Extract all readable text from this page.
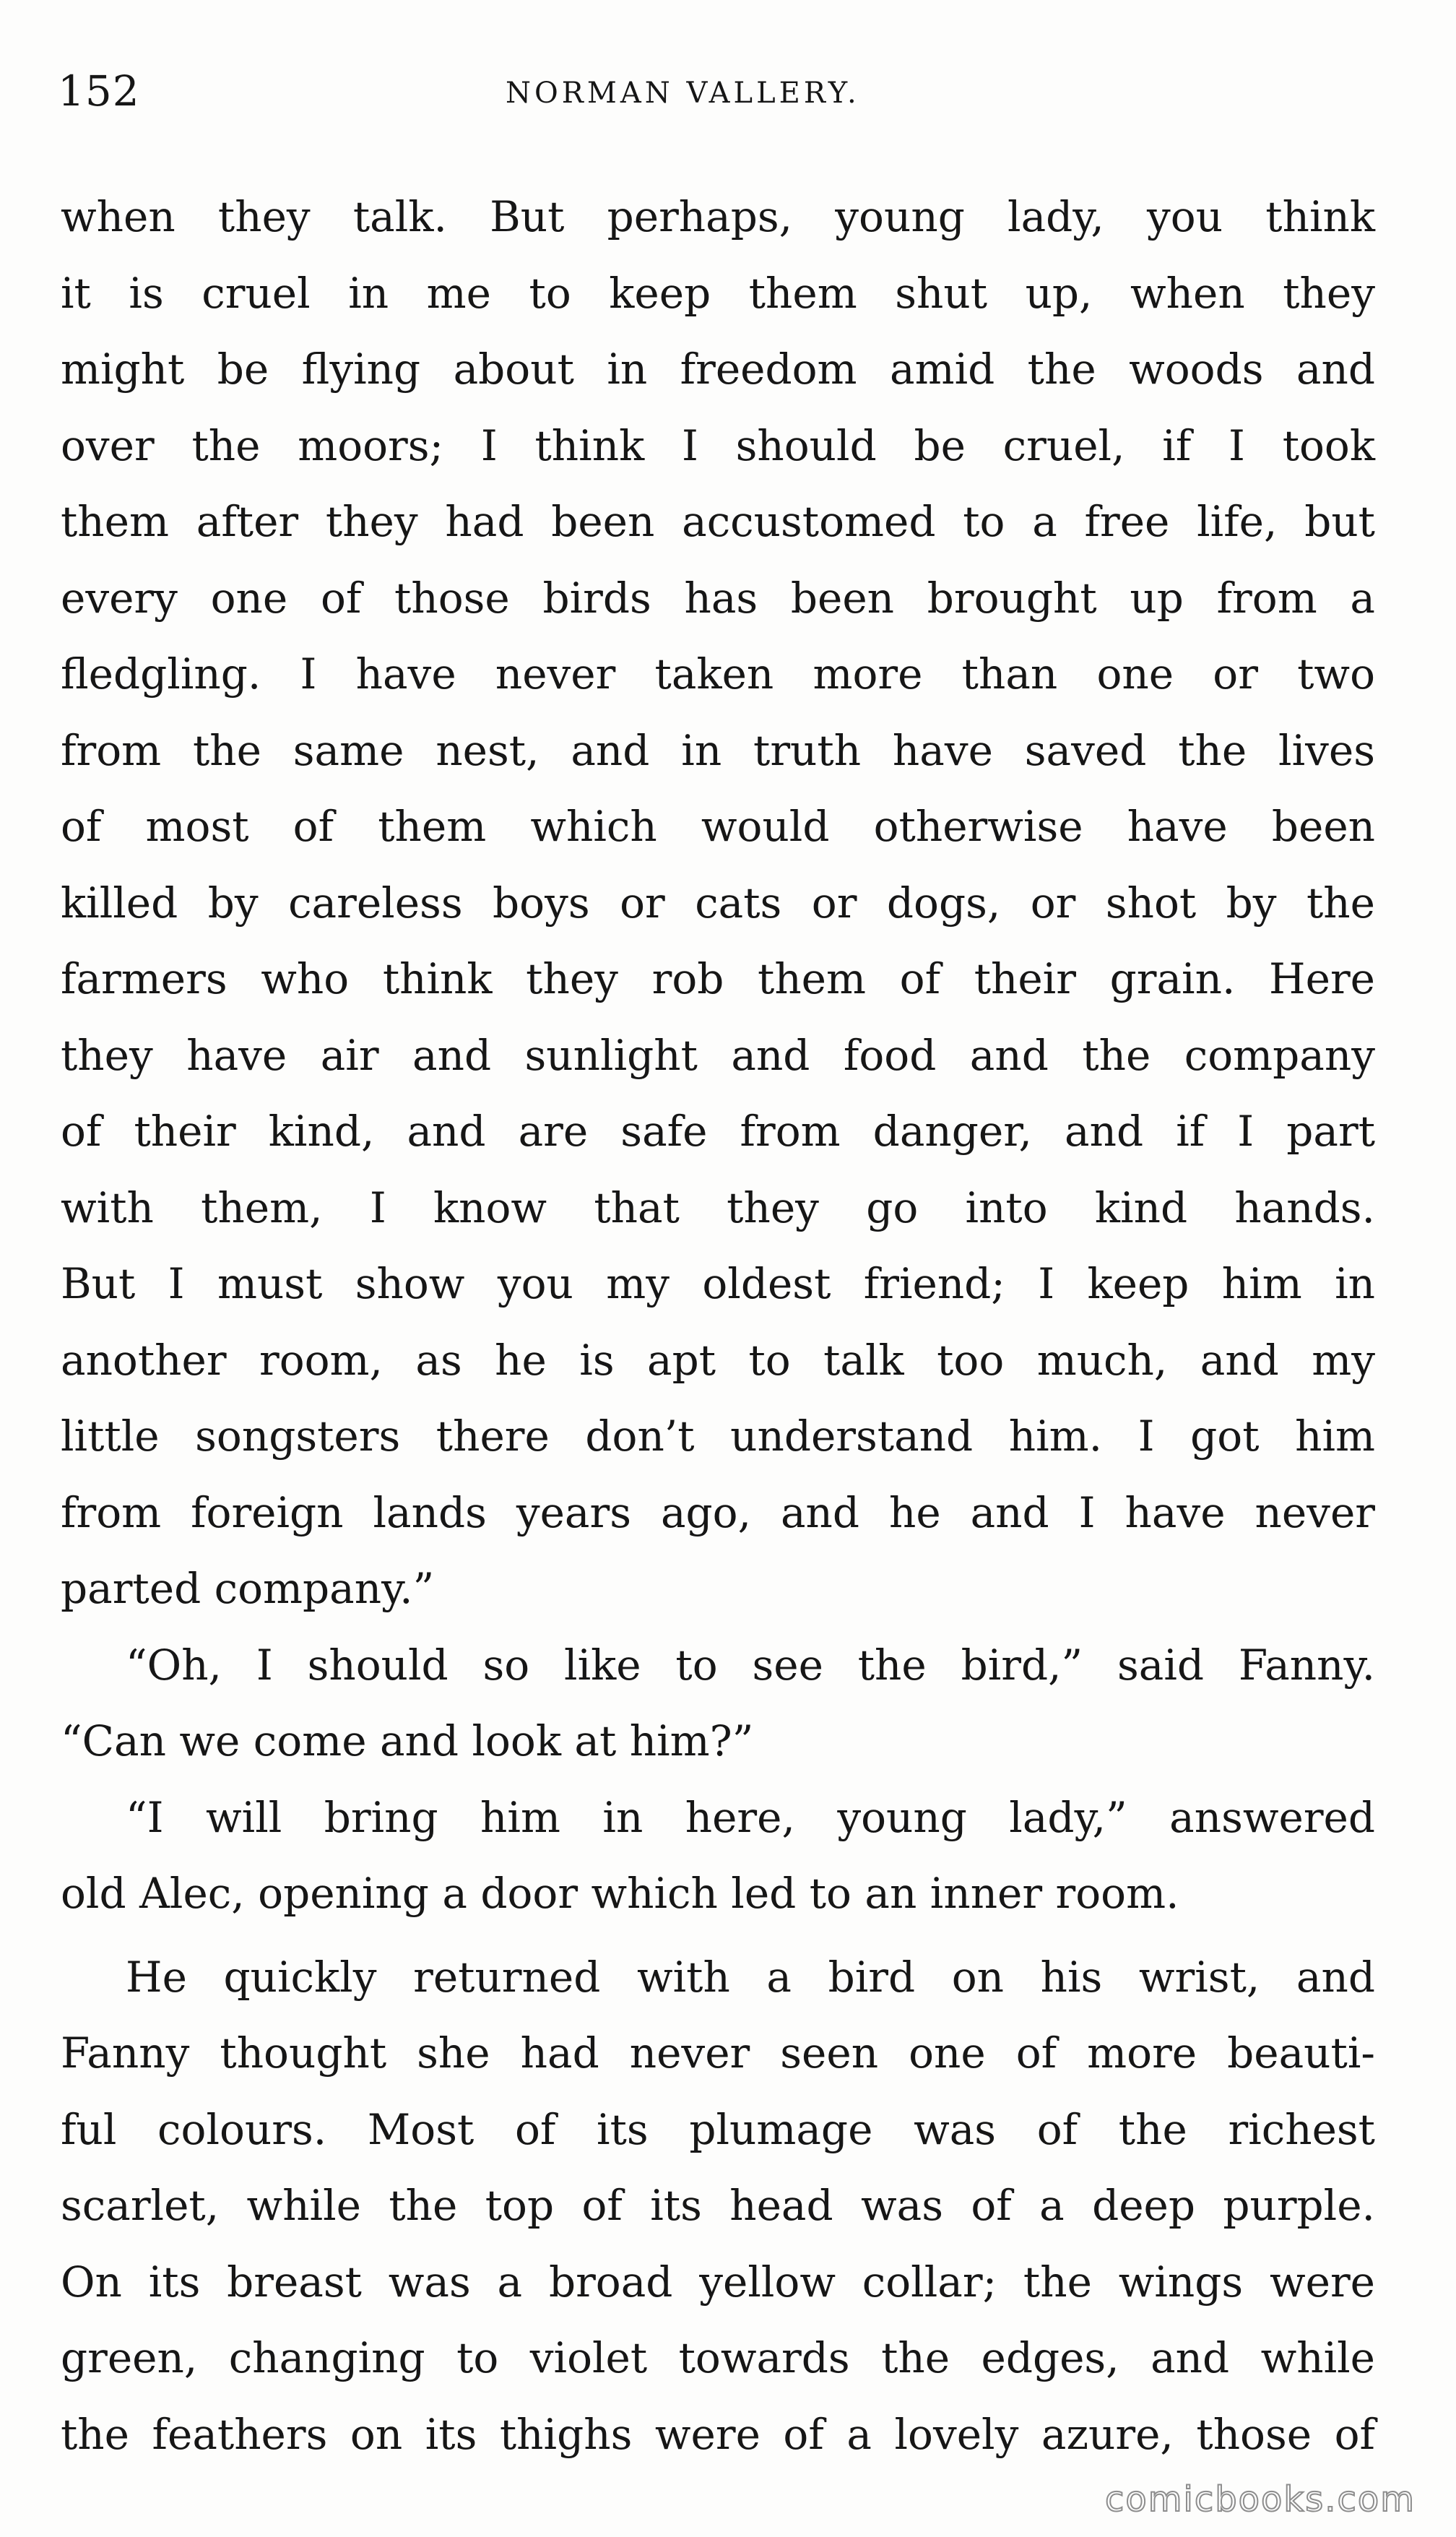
152	NORMAN VALLERY.
when they talk. But perhaps, young lady, you think
it is cruel in me to keep them shut up, when they
might be flying about in freedom amid the woods and
over the moors; I think I should be cruel, if I took
them after they had been accustomed to a free life, but
every one of those birds has been brought up from a
fledgling. I have never taken more than one or two
from the same nest, and in truth have saved the lives
of most of them which would otherwise have been
killed by careless boys or cats or dogs, or shot by the
farmers who think they rob them of their grain. Here
they have air and sunlight and food and the company
of their kind, and are safe from danger, and if I part
with them, I know that they go into kind hands.
But I must show you my oldest friend; I keep him in
another room, as he is apt to talk too much, and my
little songsters there don’t understand him. I got him
from foreign lands years ago, and he and I have never
parted company.”
“Oh, I should so like to see the bird,” said Fanny.
“Can we come and look at him?”
“I will bring him in here, young lady,” answered
old Alec, opening a door which led to an inner room.
He quickly returned with a bird on his wrist, and
Fanny thought she had never seen one of more beauti-
ful colours. Most of its plumage was of the richest
scarlet, while the top of its head was of a deep purple.
On its breast was a broad yellow collar; the wings were
green, changing to violet towards the edges, and while
the feathers on its thighs were of a lovely azure, those of
comicbooks.com
